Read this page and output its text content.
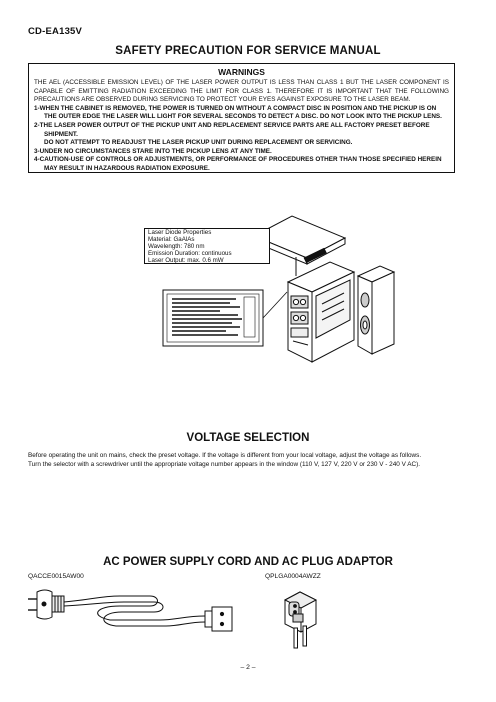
CD-EA135V
SAFETY PRECAUTION FOR SERVICE MANUAL
WARNINGS
THE AEL (ACCESSIBLE EMISSION LEVEL) OF THE LASER POWER OUTPUT IS LESS THAN CLASS 1 BUT THE LASER COMPONENT IS CAPABLE OF EMITTING RADIATION EXCEEDING THE LIMIT FOR CLASS 1. THEREFORE IT IS IMPORTANT THAT THE FOLLOWING PRECAUTIONS ARE OBSERVED DURING SERVICING TO PROTECT YOUR EYES AGAINST EXPOSURE TO THE LASER BEAM.
1-WHEN THE CABINET IS REMOVED, THE POWER IS TURNED ON WITHOUT A COMPACT DISC IN POSITION AND THE PICKUP IS ON THE OUTER EDGE THE LASER WILL LIGHT FOR SEVERAL SECONDS TO DETECT A DISC. DO NOT LOOK INTO THE PICKUP LENS.
2-THE LASER POWER OUTPUT OF THE PICKUP UNIT AND REPLACEMENT SERVICE PARTS ARE ALL FACTORY PRESET BEFORE SHIPMENT.
DO NOT ATTEMPT TO READJUST THE LASER PICKUP UNIT DURING REPLACEMENT OR SERVICING.
3-UNDER NO CIRCUMSTANCES STARE INTO THE PICKUP LENS AT ANY TIME.
4-CAUTION-USE OF CONTROLS OR ADJUSTMENTS, OR PERFORMANCE OF PROCEDURES OTHER THAN THOSE SPECIFIED HEREIN MAY RESULT IN HAZARDOUS RADIATION EXPOSURE.
Laser Diode Properties
Material: GaAlAs
Wavelength: 780 nm
Emission Duration: continuous
Laser Output: max. 0.6 mW
VOLTAGE SELECTION

Before operating the unit on mains, check the preset voltage. If the voltage is different from your local voltage, adjust the voltage as follows.

Turn the selector with a screwdriver until the appropriate voltage number appears in the window (110 V, 127 V, 220 V or 230 V - 240 V AC).

AC POWER SUPPLY CORD AND AC PLUG ADAPTOR
QACCE0015AW00	QPLGA0004AWZZ
– 2 –
